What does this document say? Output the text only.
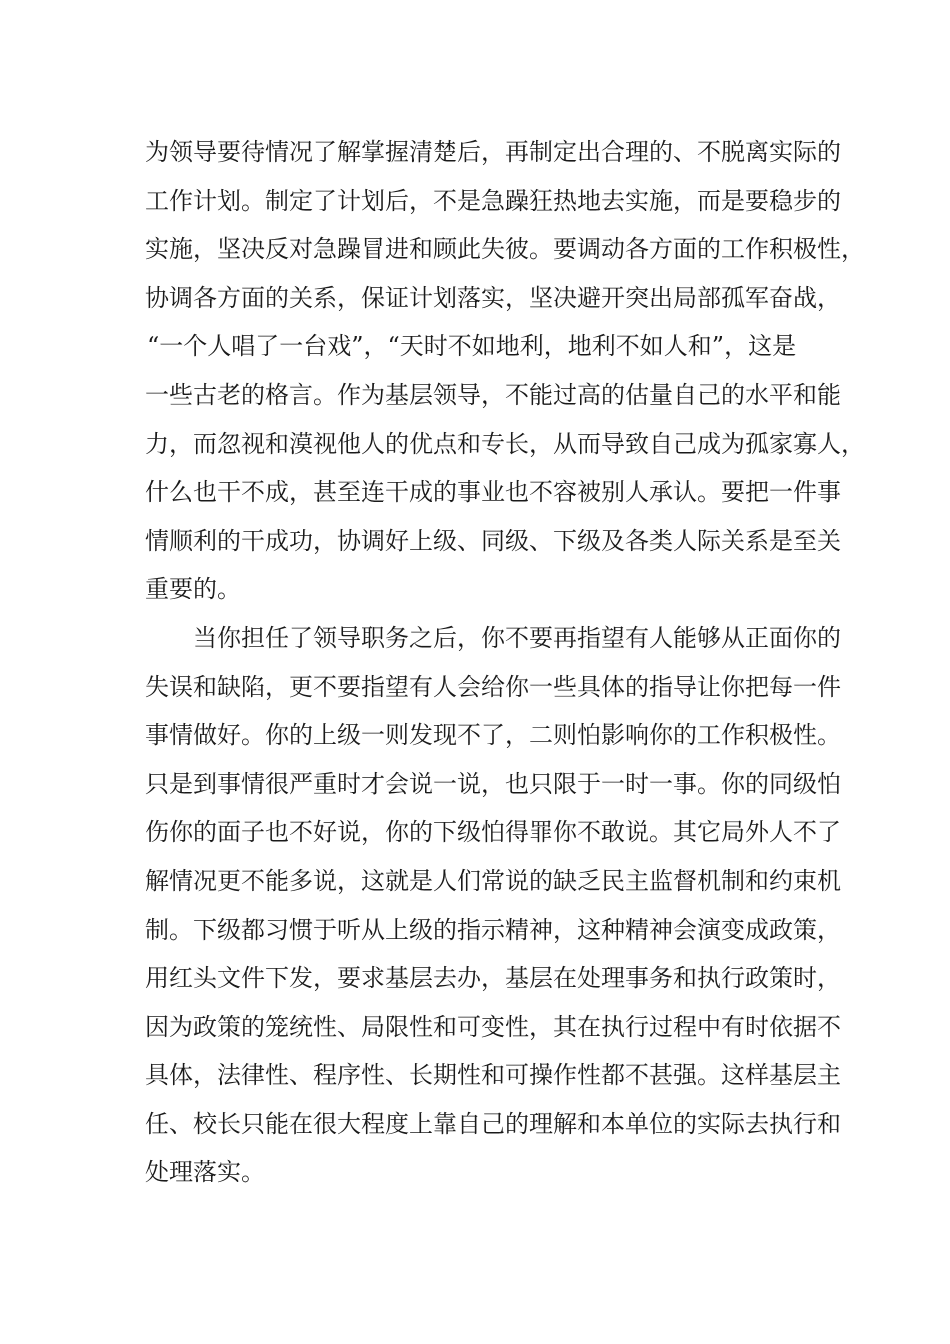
为领导要待情况了解掌握清楚后，再制定出合理的、不脱离实际的
工作计划。制定了计划后，不是急躁狂热地去实施，而是要稳步的
实施，坚决反对急躁冒进和顾此失彼。要调动各方面的工作积极性，
协调各方面的关系，保证计划落实，坚决避开突出局部孤军奋战，
“一个人唱了一台戏”，“天时不如地利，地利不如人和”，这是
一些古老的格言。作为基层领导，不能过高的估量自己的水平和能
力，而忽视和漠视他人的优点和专长，从而导致自己成为孤家寡人，
什么也干不成，甚至连干成的事业也不容被别人承认。要把一件事
情顺利的干成功，协调好上级、同级、下级及各类人际关系是至关
重要的。
当你担任了领导职务之后，你不要再指望有人能够从正面你的
失误和缺陷，更不要指望有人会给你一些具体的指导让你把每一件
事情做好。你的上级一则发现不了，二则怕影响你的工作积极性。
只是到事情很严重时才会说一说，也只限于一时一事。你的同级怕
伤你的面子也不好说，你的下级怕得罪你不敢说。其它局外人不了
解情况更不能多说，这就是人们常说的缺乏民主监督机制和约束机
制。下级都习惯于听从上级的指示精神，这种精神会演变成政策，
用红头文件下发，要求基层去办，基层在处理事务和执行政策时，
因为政策的笼统性、局限性和可变性，其在执行过程中有时依据不
具体，法律性、程序性、长期性和可操作性都不甚强。这样基层主
任、校长只能在很大程度上靠自己的理解和本单位的实际去执行和
处理落实。
